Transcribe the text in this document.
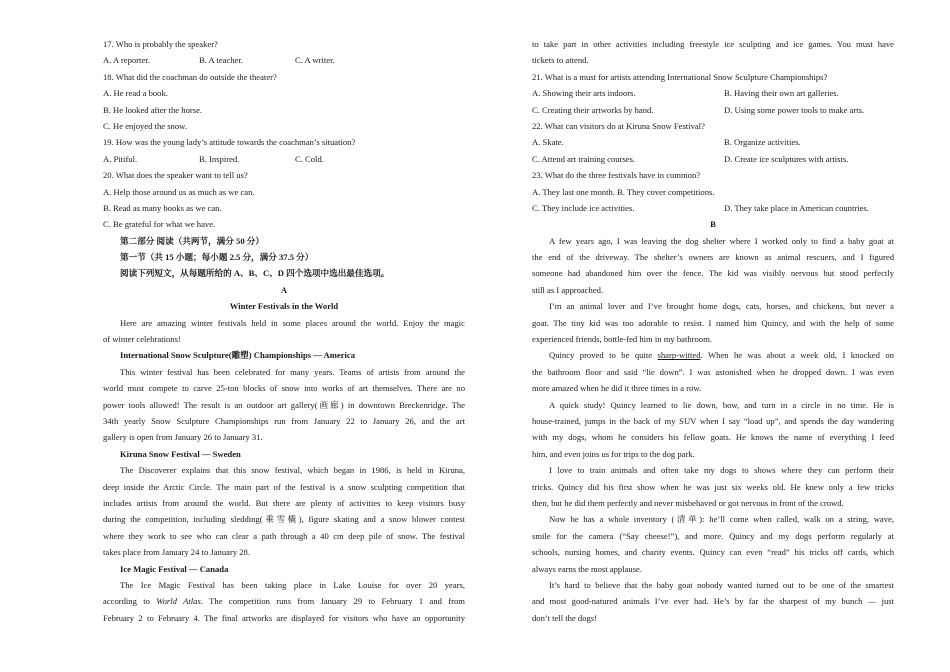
17. Who is probably the speaker?
A. A reporter.	B. A teacher.	C. A writer.
18. What did the coachman do outside the theater?
A. He read a book.
B. He looked after the horse.
C. He enjoyed the snow.
19. How was the young lady’s attitude towards the coachman’s situation?
A. Pitiful.	B. Inspired.	C. Cold.
20. What does the speaker want to tell us?
A. Help those around us as much as we can.
B. Read as many books as we can.
C. Be grateful for what we have.
第二部分 阅读（共两节，满分 50 分）
第一节（共 15 小题；每小题 2.5 分，满分 37.5 分）
阅读下列短文，从每题所给的 A、B、C、D 四个选项中选出最佳选项。
A
Winter Festivals in the World
Here are amazing winter festivals held in some places around the world. Enjoy the magic
of winter celebrations!
International Snow Sculpture(雕塑) Championships — America
This winter festival has been celebrated for many years. Teams of artists from around the
world must compete to carve 25-ton blocks of snow into works of art themselves. There are no
power tools allowed! The result is an outdoor art gallery(画廊) in downtown Breckenridge. The
34th yearly Snow Sculpture Championships run from January 22 to January 26, and the art
gallery is open from January 26 to January 31.
Kiruna Snow Festival — Sweden
The Discoverer explains that this snow festival, which began in 1986, is held in Kiruna,
deep inside the Arctic Circle. The main part of the festival is a snow sculpting competition that
includes artists from around the world. But there are plenty of activities to keep visitors busy
during the competition, including sledding(乘雪橇), figure skating and a snow blower contest
where they work to see who can clear a path through a 40 cm deep pile of snow. The festival
takes place from January 24 to January 28.
Ice Magic Festival — Canada
The Ice Magic Festival has been taking place in Lake Louise for over 20 years,
according to World Atlas. The competition runs from January 29 to February 1 and from
February 2 to February 4. The final artworks are displayed for visitors who have an opportunity
to take part in other activities including freestyle ice sculpting and ice games. You must have
tickets to attend.
21. What is a must for artists attending International Snow Sculpture Championships?
A. Showing their arts indoors.	B. Having their own art galleries.
C. Creating their artworks by hand.	D. Using some power tools to make arts.
22. What can visitors do at Kiruna Snow Festival?
A. Skate.	B. Organize activities.
C. Attend art training courses.	D. Create ice sculptures with artists.
23. What do the three festivals have in common?
A. They last one month. B. They cover competitions.
C. They include ice activities.	D. They take place in American countries.
B
A few years ago, I was leaving the dog shelter where I worked only to find a baby goat at
the end of the driveway. The shelter’s owners are known as animal rescuers, and I figured
someone had abandoned him over the fence. The kid was visibly nervous but stood perfectly
still as I approached.
I’m an animal lover and I’ve brought home dogs, cats, horses, and chickens, but never a
goat. The tiny kid was too adorable to resist. I named him Quincy, and with the help of some
experienced friends, bottle-fed him in my bathroom.
Quincy proved to be quite sharp-witted. When he was about a week old, I knocked on
the bathroom floor and said “lie down”. I was astonished when he dropped down. I was even
more amazed when he did it three times in a row.
A quick study! Quincy learned to lie down, bow, and turn in a circle in no time. He is
house-trained, jumps in the back of my SUV when I say “load up”, and spends the day wandering
with my dogs, whom he considers his fellow goats. He knows the name of everything I feed
him, and even joins us for trips to the dog park.
I love to train animals and often take my dogs to shows where they can perform their
tricks. Quincy did his first show when he was just six weeks old. He knew only a few tricks
then, but he did them perfectly and never misbehaved or got nervous in front of the crowd.
Now he has a whole inventory (清单): he’ll come when called, walk on a string, wave,
smile for the camera (“Say cheese!”), and more. Quincy and my dogs perform regularly at
schools, nursing homes, and charity events. Quincy can even “read” his tricks off cards, which
always earns the most applause.
It’s hard to believe that the baby goat nobody wanted turned out to be one of the smartest
and most good-natured animals I’ve ever had. He’s by far the sharpest of my bunch — just
don’t tell the dogs!
